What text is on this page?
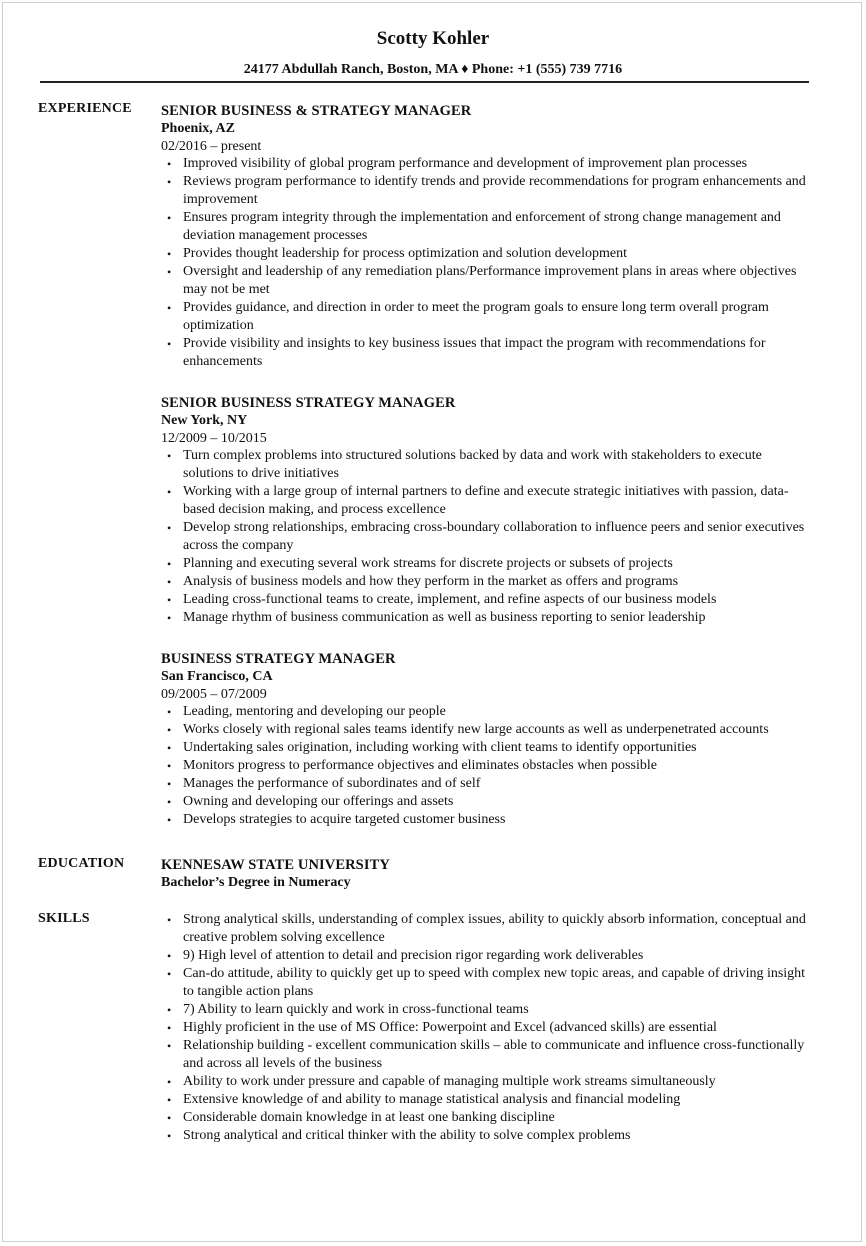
Scotty Kohler
24177 Abdullah Ranch, Boston, MA ♦ Phone: +1 (555) 739 7716
EXPERIENCE SENIOR BUSINESS & STRATEGY MANAGER
Phoenix, AZ
02/2016 – present
• Improved visibility of global program performance and development of improvement plan processes
• Reviews program performance to identify trends and provide recommendations for program enhancements and improvement
• Ensures program integrity through the implementation and enforcement of strong change management and deviation management processes
• Provides thought leadership for process optimization and solution development
• Oversight and leadership of any remediation plans/Performance improvement plans in areas where objectives may not be met
• Provides guidance, and direction in order to meet the program goals to ensure long term overall program optimization
• Provide visibility and insights to key business issues that impact the program with recommendations for enhancements
SENIOR BUSINESS STRATEGY MANAGER
New York, NY
12/2009 – 10/2015
• Turn complex problems into structured solutions backed by data and work with stakeholders to execute solutions to drive initiatives
• Working with a large group of internal partners to define and execute strategic initiatives with passion, data-based decision making, and process excellence
• Develop strong relationships, embracing cross-boundary collaboration to influence peers and senior executives across the company
• Planning and executing several work streams for discrete projects or subsets of projects
• Analysis of business models and how they perform in the market as offers and programs
• Leading cross-functional teams to create, implement, and refine aspects of our business models
• Manage rhythm of business communication as well as business reporting to senior leadership
BUSINESS STRATEGY MANAGER
San Francisco, CA
09/2005 – 07/2009
• Leading, mentoring and developing our people
• Works closely with regional sales teams identify new large accounts as well as underpenetrated accounts
• Undertaking sales origination, including working with client teams to identify opportunities
• Monitors progress to performance objectives and eliminates obstacles when possible
• Manages the performance of subordinates and of self
• Owning and developing our offerings and assets
• Develops strategies to acquire targeted customer business
EDUCATION	KENNESAW STATE UNIVERSITY
Bachelor’s Degree in Numeracy
SKILLS
•	Strong analytical skills, understanding of complex issues, ability to quickly absorb information, conceptual and creative problem solving excellence
• 9) High level of attention to detail and precision rigor regarding work deliverables
• Can-do attitude, ability to quickly get up to speed with complex new topic areas, and capable of driving insight to tangible action plans
• 7) Ability to learn quickly and work in cross-functional teams
• Highly proficient in the use of MS Office: Powerpoint and Excel (advanced skills) are essential
• Relationship building - excellent communication skills – able to communicate and influence cross-functionally and across all levels of the business
• Ability to work under pressure and capable of managing multiple work streams simultaneously
• Extensive knowledge of and ability to manage statistical analysis and financial modeling
• Considerable domain knowledge in at least one banking discipline
• Strong analytical and critical thinker with the ability to solve complex problems
